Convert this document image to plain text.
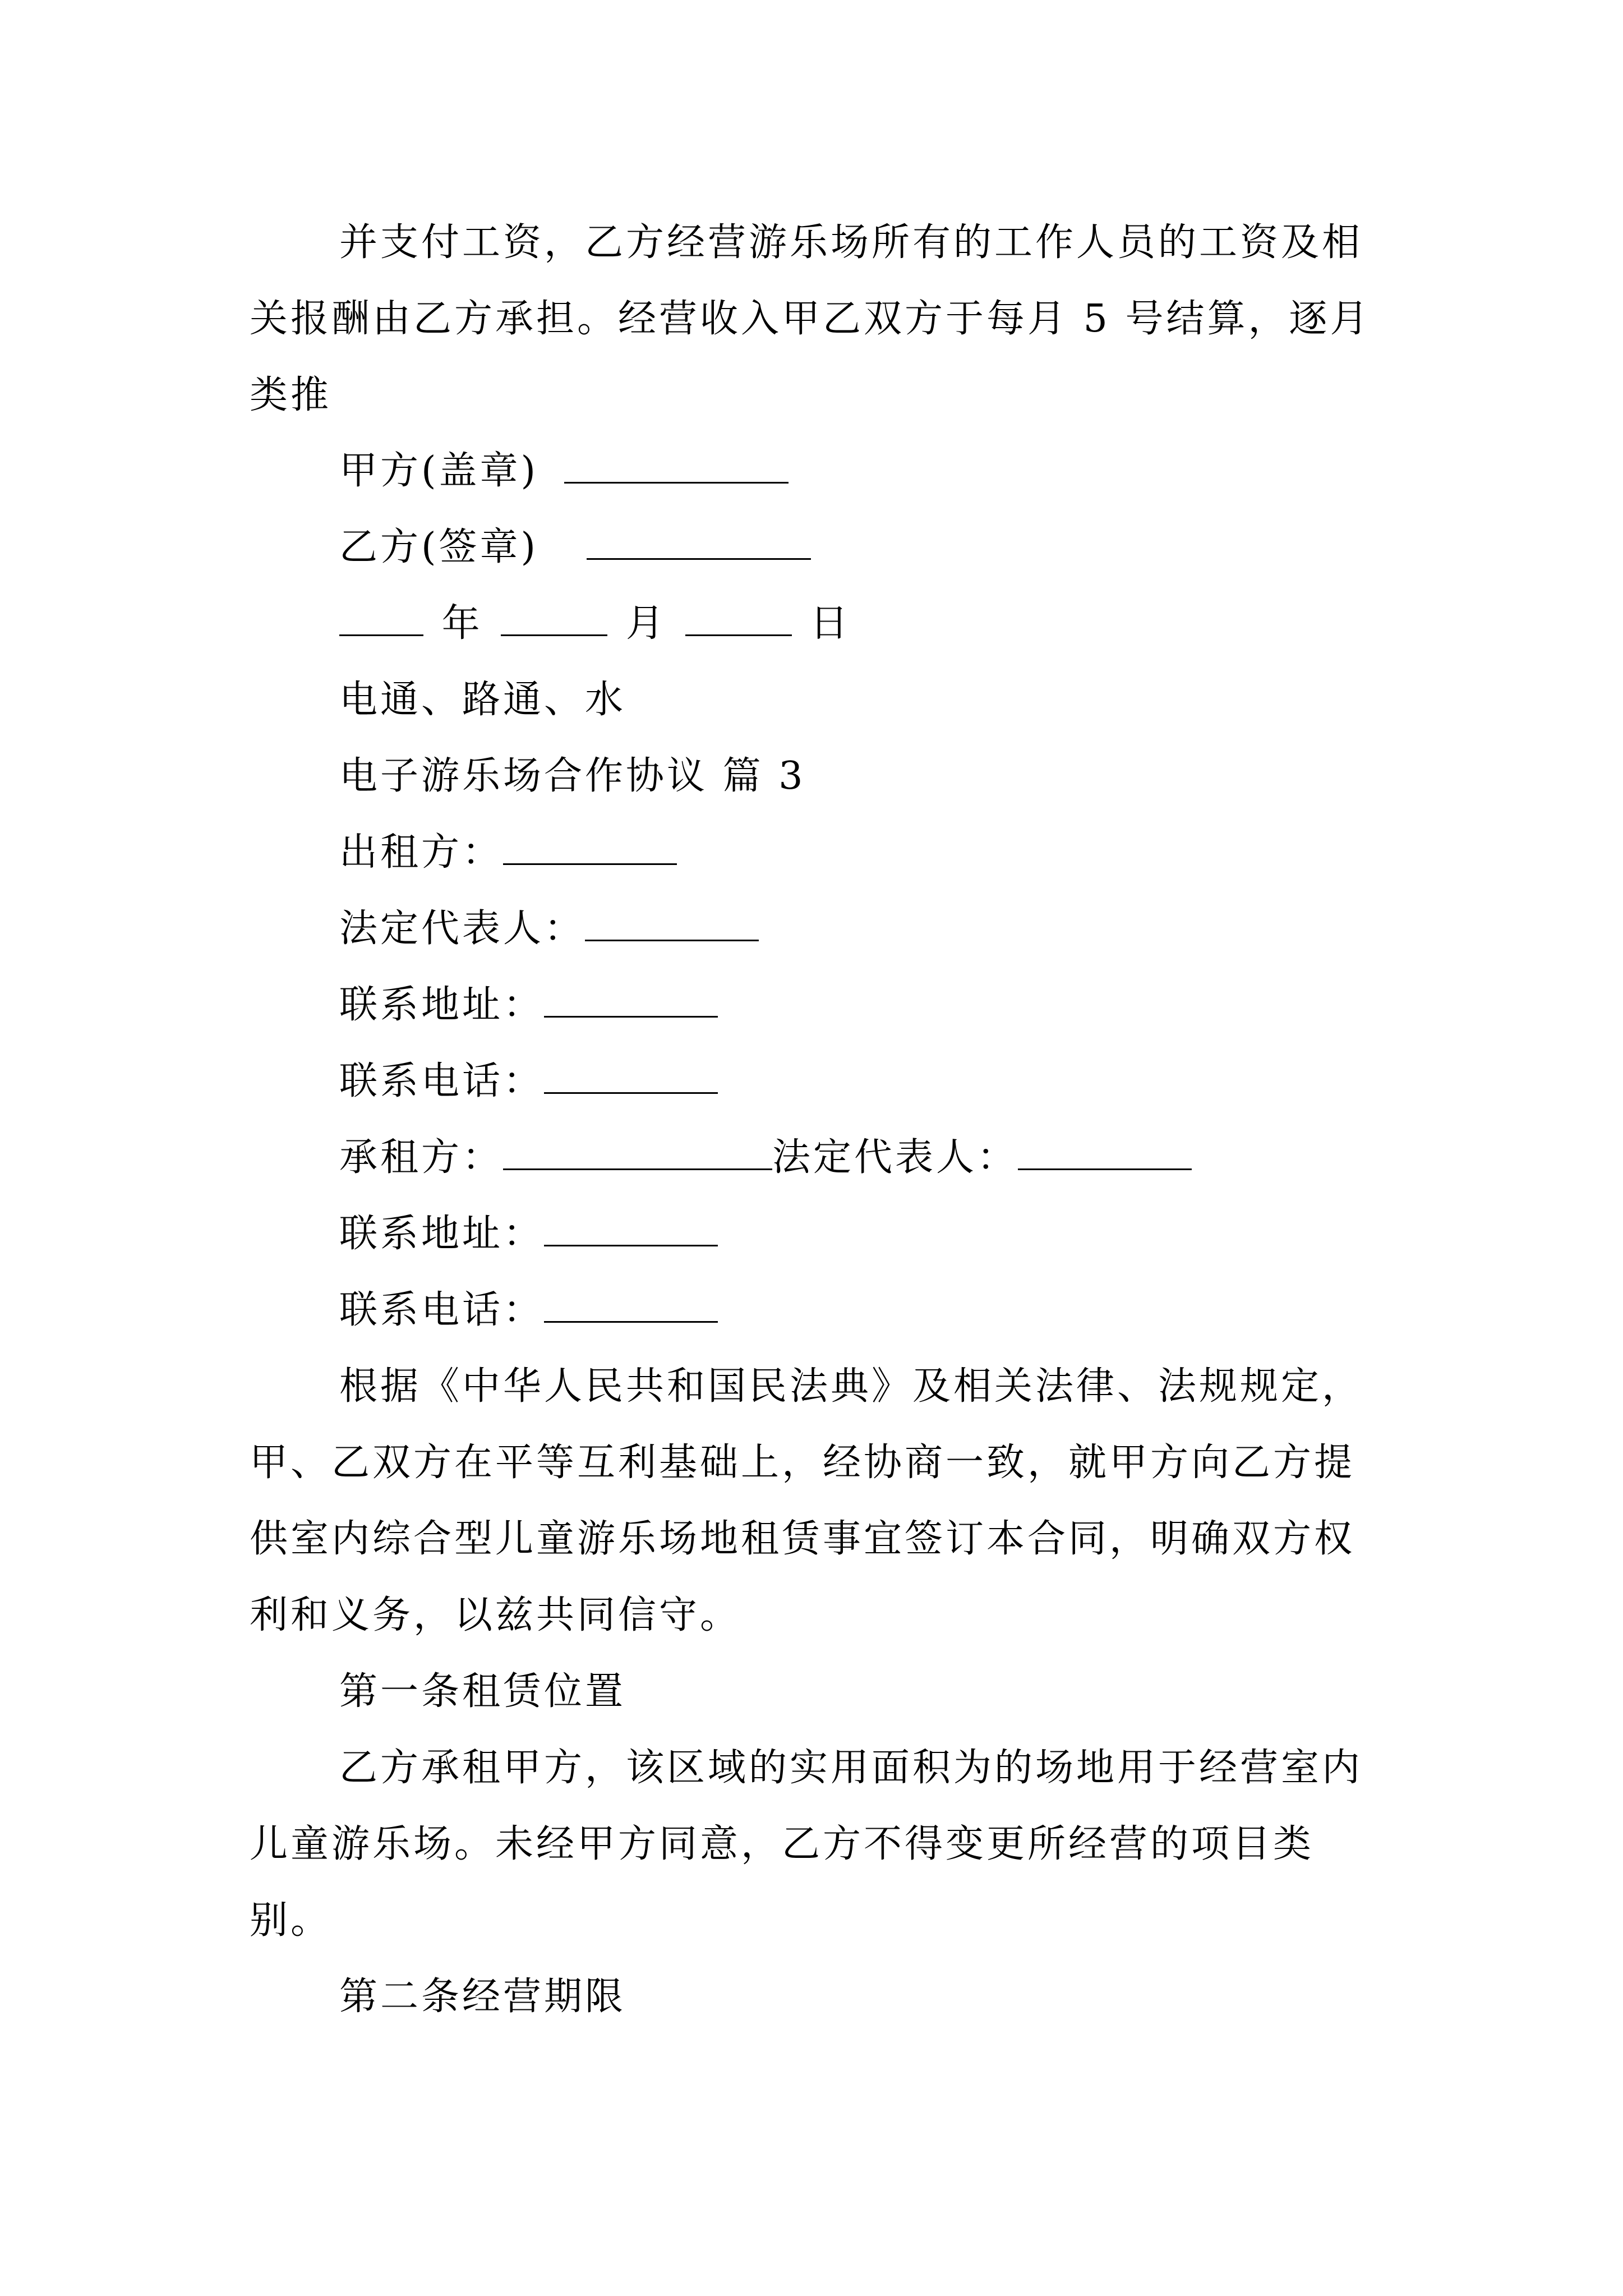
并支付工资，乙方经营游乐场所有的工作人员的工资及相关报酬由乙方承担。经营收入甲乙双方于每月 5 号结算，逐月类推

甲方(盖章)
乙方(签章)
年	月	日
电通、路通、水
电子游乐场合作协议 篇 3
出租方：
法定代表人：
联系地址：
联系电话：
承租方：	法定代表人：
联系地址：
联系电话：

根据《中华人民共和国民法典》及相关法律、法规规定，甲、乙双方在平等互利基础上，经协商一致，就甲方向乙方提供室内综合型儿童游乐场地租赁事宜签订本合同，明确双方权利和义务，以兹共同信守。

第一条租赁位置

乙方承租甲方，该区域的实用面积为的场地用于经营室内儿童游乐场。未经甲方同意，乙方不得变更所经营的项目类别。

第二条经营期限
